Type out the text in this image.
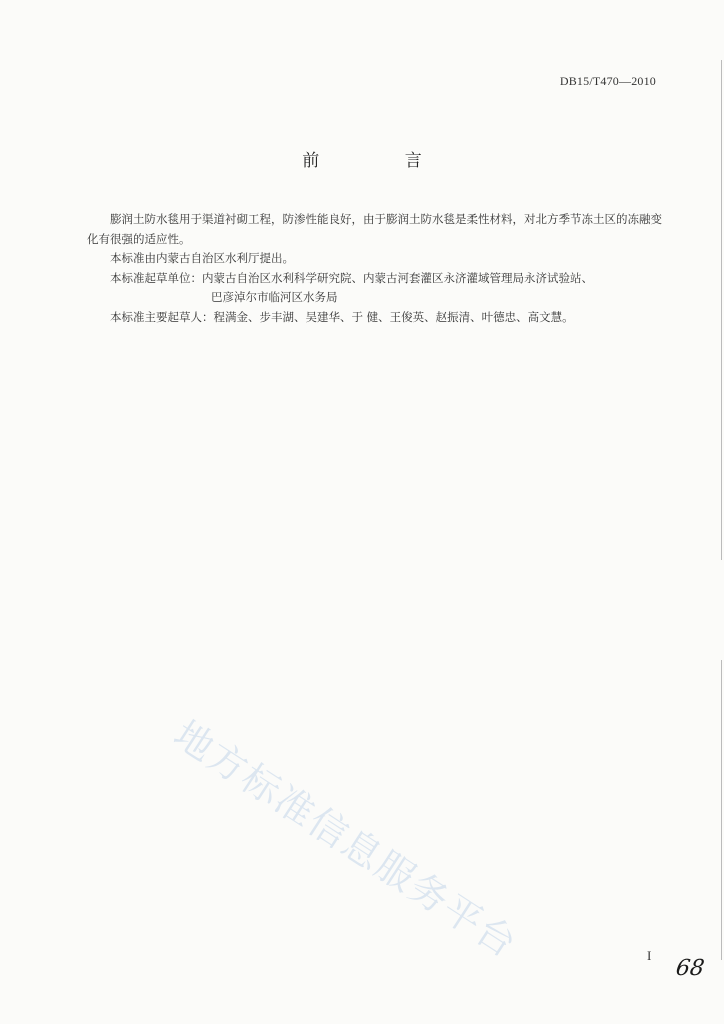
DB15/T470—2010
前 言

膨润土防水毯用于渠道衬砌工程，防渗性能良好，由于膨润土防水毯是柔性材料，对北方季节冻土区的冻融变化有很强的适应性。

本标准由内蒙古自治区水利厅提出。

本标准起草单位：内蒙古自治区水利科学研究院、内蒙古河套灌区永济灌域管理局永济试验站、

巴彦淖尔市临河区水务局

本标准主要起草人：程满金、步丰湖、吴建华、于 健、王俊英、赵振清、叶德忠、高文慧。

地方标准信息服务平台	I
68
